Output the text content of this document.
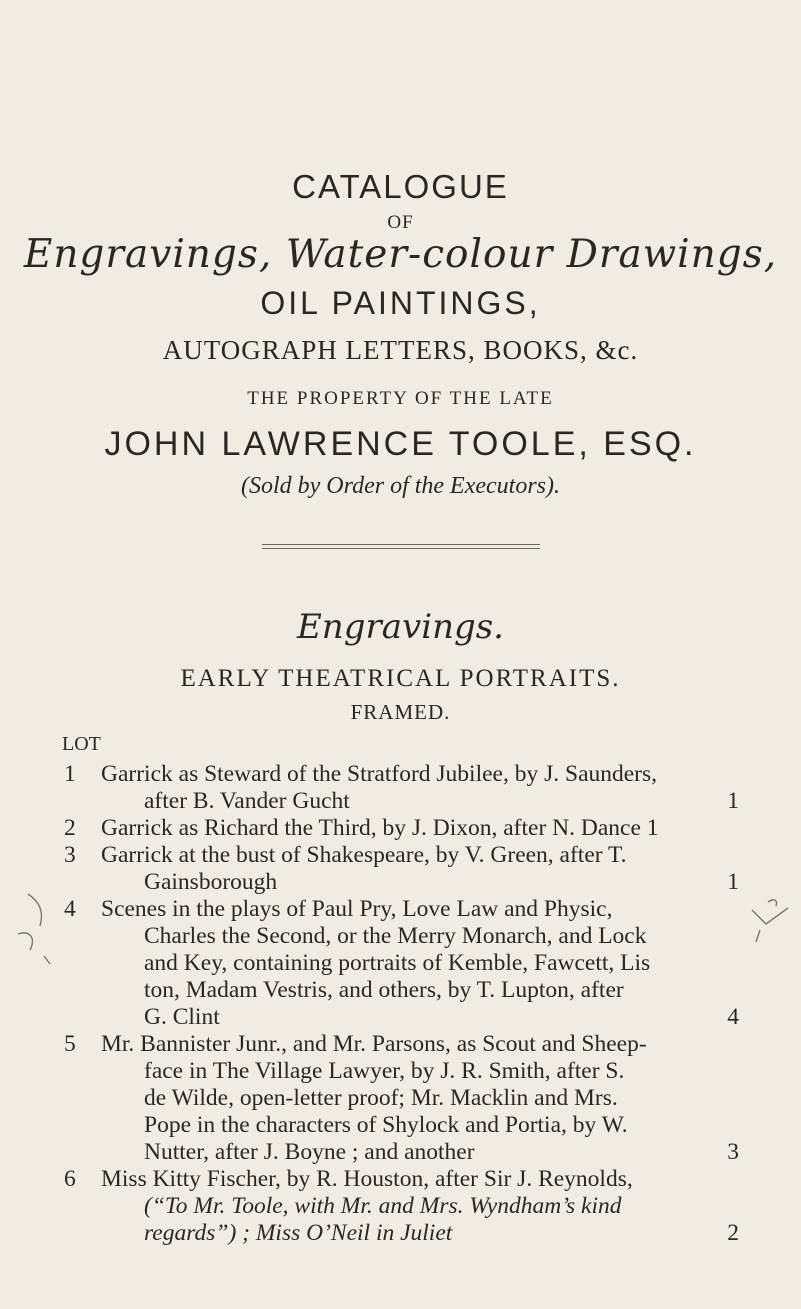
CATALOGUE
OF
Engravings, Water-colour Drawings,
OIL PAINTINGS,
AUTOGRAPH LETTERS, BOOKS, &c.
THE PROPERTY OF THE LATE
JOHN LAWRENCE TOOLE, ESQ.
(Sold by Order of the Executors).
Engravings.
EARLY THEATRICAL PORTRAITS.
FRAMED.
LOT
1 Garrick as Steward of the Stratford Jubilee, by J. Saunders,
after B. Vander Gucht	1
2 Garrick as Richard the Third, by J. Dixon, after N. Dance 1
3 Garrick at the bust of Shakespeare, by V. Green, after T.
Gainsborough	1
4 Scenes in the plays of Paul Pry, Love Law and Physic,
Charles the Second, or the Merry Monarch, and Lock
and Key, containing portraits of Kemble, Fawcett, Lis
ton, Madam Vestris, and others, by T. Lupton, after
G. Clint	4
5 Mr. Bannister Junr., and Mr. Parsons, as Scout and Sheep-
face in The Village Lawyer, by J. R. Smith, after S.
de Wilde, open-letter proof; Mr. Macklin and Mrs.
Pope in the characters of Shylock and Portia, by W.
Nutter, after J. Boyne ; and another	3
6 Miss Kitty Fischer, by R. Houston, after Sir J. Reynolds,
(“To Mr. Toole, with Mr. and Mrs. Wyndham’s kind
regards”) ; Miss O’Neil in Juliet	2
